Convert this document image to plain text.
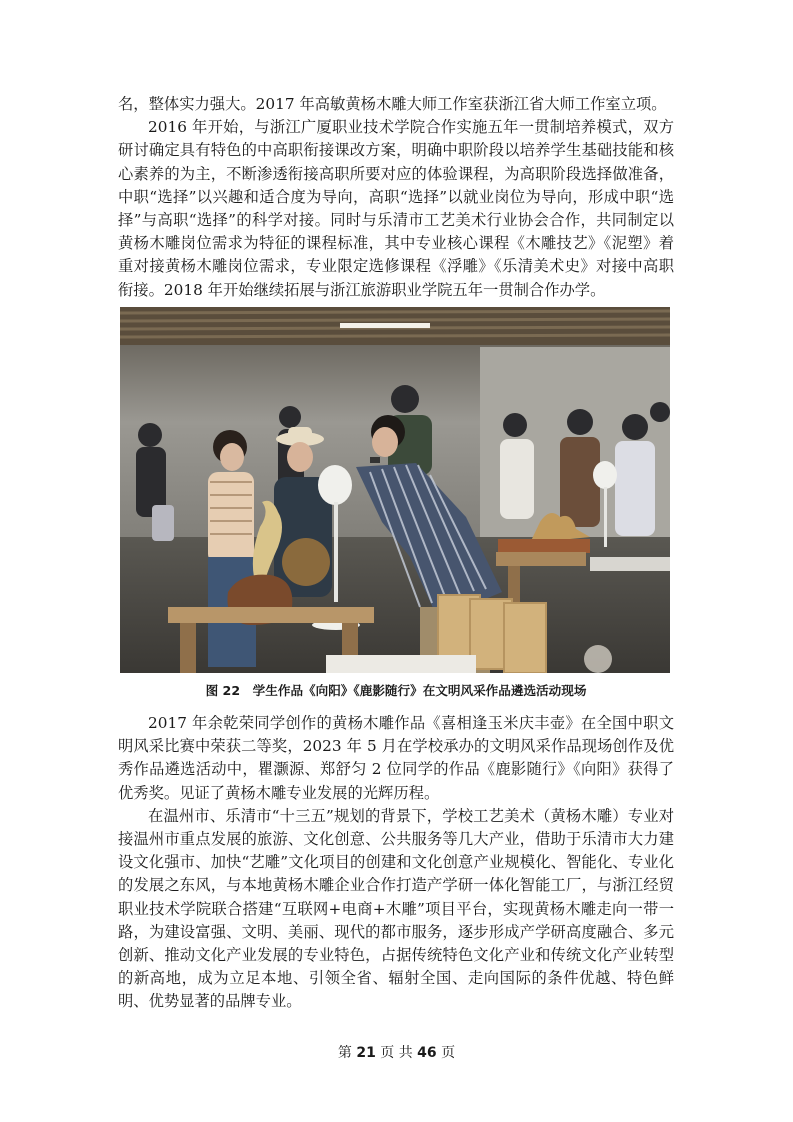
名，整体实力强大。2017 年高敏黄杨木雕大师工作室获浙江省大师工作室立项。

2016 年开始，与浙江广厦职业技术学院合作实施五年一贯制培养模式，双方研讨确定具有特色的中高职衔接课改方案，明确中职阶段以培养学生基础技能和核心素养的为主，不断渗透衔接高职所要对应的体验课程，为高职阶段选择做准备，中职“选择”以兴趣和适合度为导向，高职“选择”以就业岗位为导向，形成中职“选择”与高职“选择”的科学对接。同时与乐清市工艺美术行业协会合作，共同制定以黄杨木雕岗位需求为特征的课程标准，其中专业核心课程《木雕技艺》《泥塑》着重对接黄杨木雕岗位需求，专业限定选修课程《浮雕》《乐清美术史》对接中高职衔接。2018 年开始继续拓展与浙江旅游职业学院五年一贯制合作办学。

图 22　学生作品《向阳》《鹿影随行》在文明风采作品遴选活动现场

2017 年余乾荣同学创作的黄杨木雕作品《喜相逢玉米庆丰壶》在全国中职文明风采比赛中荣获二等奖，2023 年 5 月在学校承办的文明风采作品现场创作及优秀作品遴选活动中，瞿灏源、郑舒匀 2 位同学的作品《鹿影随行》《向阳》获得了优秀奖。见证了黄杨木雕专业发展的光辉历程。

在温州市、乐清市“十三五”规划的背景下，学校工艺美术（黄杨木雕）专业对接温州市重点发展的旅游、文化创意、公共服务等几大产业，借助于乐清市大力建设文化强市、加快“艺雕”文化项目的创建和文化创意产业规模化、智能化、专业化的发展之东风，与本地黄杨木雕企业合作打造产学研一体化智能工厂，与浙江经贸职业技术学院联合搭建“互联网+电商+木雕”项目平台，实现黄杨木雕走向一带一路，为建设富强、文明、美丽、现代的都市服务，逐步形成产学研高度融合、多元创新、推动文化产业发展的专业特色，占据传统特色文化产业和传统文化产业转型的新高地，成为立足本地、引领全省、辐射全国、走向国际的条件优越、特色鲜明、优势显著的品牌专业。

第 21 页 共 46 页
